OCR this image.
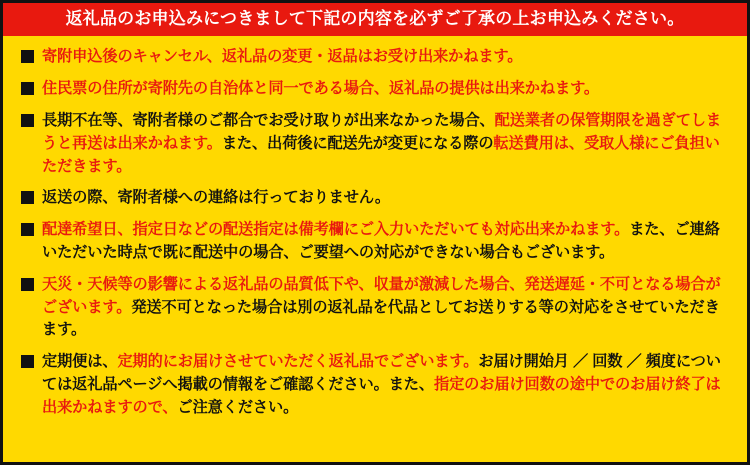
返礼品のお申込みにつきまして下記の内容を必ずご了承の上お申込みください。
寄附申込後のキャンセル、返礼品の変更・返品はお受け出来かねます。
住民票の住所が寄附先の自治体と同一である場合、返礼品の提供は出来かねます。
長期不在等、寄附者様のご都合でお受け取りが出来なかった場合、配送業者の保管期限を過ぎてしまうと再送は出来かねます。また、出荷後に配送先が変更になる際の転送費用は、受取人様にご負担いただきます。
返送の際、寄附者様への連絡は行っておりません。
配達希望日、指定日などの配送指定は備考欄にご入力いただいても対応出来かねます。また、ご連絡いただいた時点で既に配送中の場合、ご要望への対応ができない場合もございます。
天災・天候等の影響による返礼品の品質低下や、収量が激減した場合、発送遅延・不可となる場合がございます。発送不可となった場合は別の返礼品を代品としてお送りする等の対応をさせていただきます。
定期便は、定期的にお届けさせていただく返礼品でございます。お届け開始月 ／ 回数 ／ 頻度については返礼品ページへ掲載の情報をご確認ください。また、指定のお届け回数の途中でのお届け終了は出来かねますので、ご注意ください。
